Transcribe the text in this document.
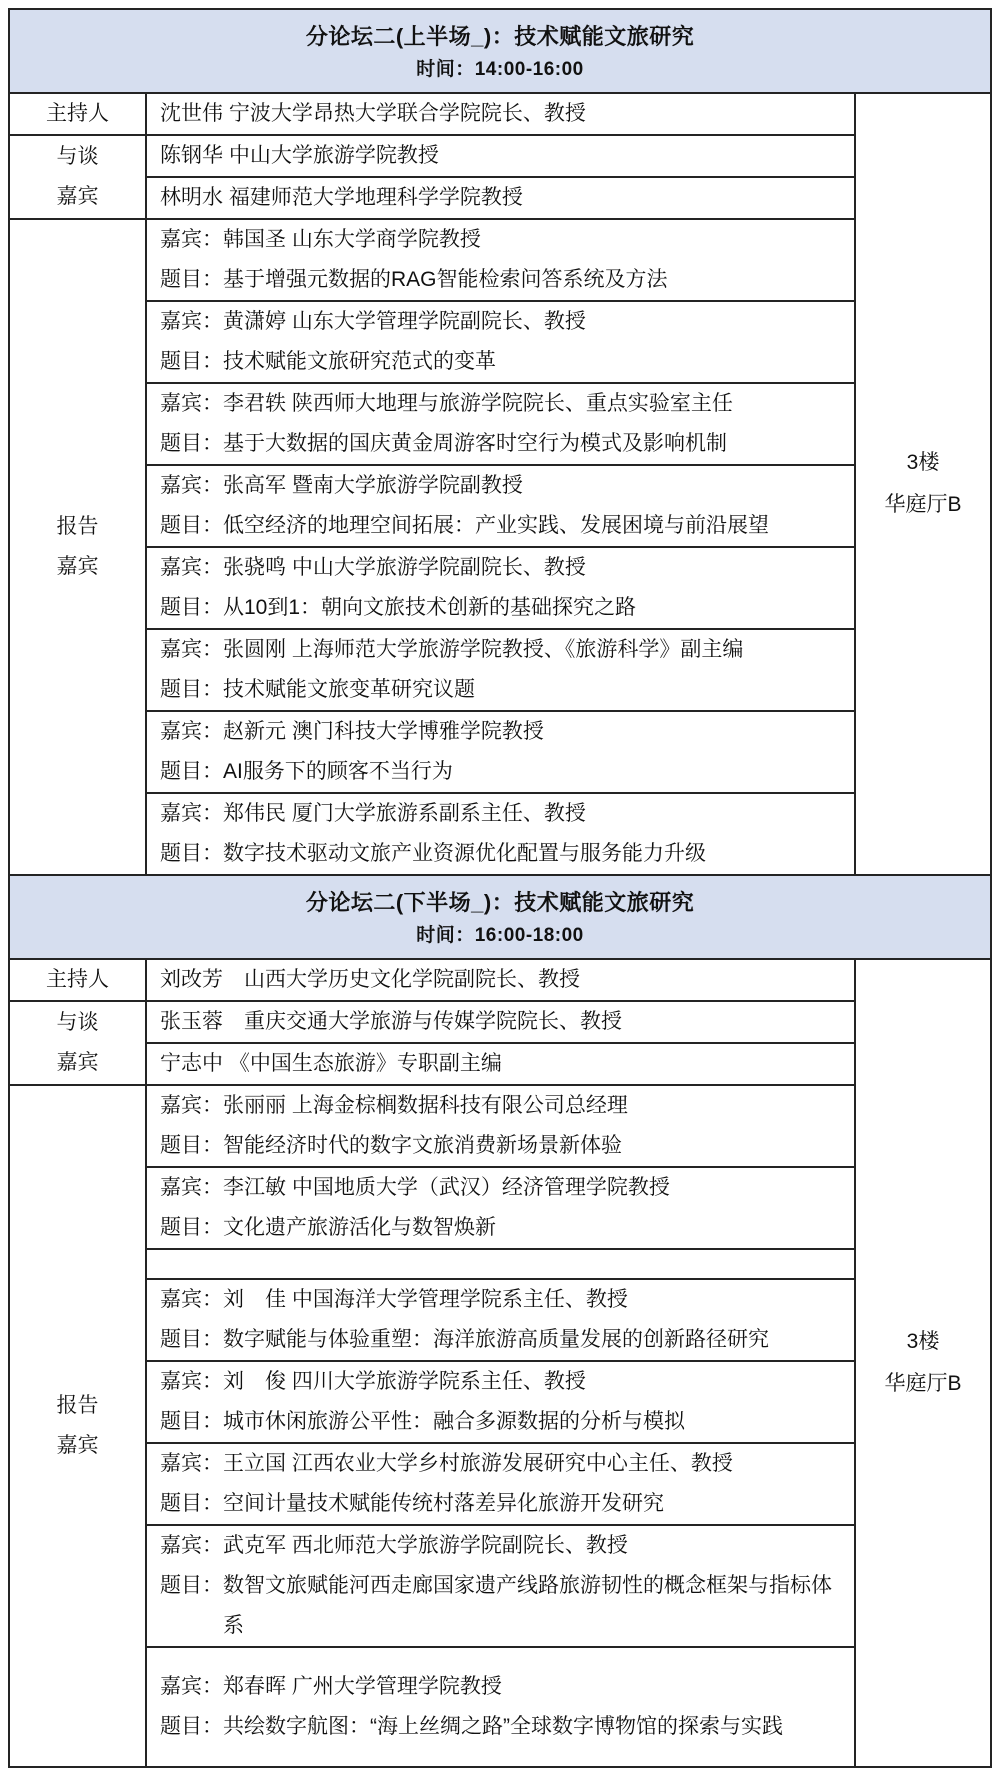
分论坛二(上半场_)：技术赋能文旅研究
时间：14:00-16:00		

主持人	沈世伟 宁波大学昂热大学联合学院院长、教授	3楼
华庭厅B

与谈
嘉宾	陈钢华 中山大学旅游学院教授	
	林明水 福建师范大学地理科学学院教授	

报告
嘉宾

嘉宾： 韩国圣 山东大学商学院教授
题目： 基于增强元数据的RAG智能检索问答系统及方法

	嘉宾： 黄潇婷 山东大学管理学院副院长、教授
题目： 技术赋能文旅研究范式的变革	

	嘉宾： 李君轶 陕西师大地理与旅游学院院长、重点实验室主任
题目： 基于大数据的国庆黄金周游客时空行为模式及影响机制	

	嘉宾： 张高军 暨南大学旅游学院副教授
题目： 低空经济的地理空间拓展：产业实践、发展困境与前沿展望	

	嘉宾： 张骁鸣 中山大学旅游学院副院长、教授
题目： 从10到1：朝向文旅技术创新的基础探究之路	

	嘉宾： 张圆刚 上海师范大学旅游学院教授、《旅游科学》副主编
题目： 技术赋能文旅变革研究议题	

	嘉宾： 赵新元 澳门科技大学博雅学院教授
题目： AI服务下的顾客不当行为	

	嘉宾： 郑伟民 厦门大学旅游系副系主任、教授
题目： 数字技术驱动文旅产业资源优化配置与服务能力升级	
分论坛二(下半场_)：技术赋能文旅研究
时间：16:00-18:00		

主持人	刘改芳　山西大学历史文化学院副院长、教授	3楼
华庭厅B

与谈
嘉宾	张玉蓉　重庆交通大学旅游与传媒学院院长、教授	
	宁志中 《中国生态旅游》专职副主编	

报告
嘉宾

嘉宾： 张丽丽 上海金棕榈数据科技有限公司总经理
题目： 智能经济时代的数字文旅消费新场景新体验

	嘉宾： 李江敏 中国地质大学（武汉）经济管理学院教授
题目： 文化遗产旅游活化与数智焕新	

	嘉宾： 刘　佳 中国海洋大学管理学院系主任、教授
题目： 数字赋能与体验重塑：海洋旅游高质量发展的创新路径研究	

	嘉宾： 刘　俊 四川大学旅游学院系主任、教授
题目： 城市休闲旅游公平性：融合多源数据的分析与模拟	

	嘉宾： 王立国 江西农业大学乡村旅游发展研究中心主任、教授
题目： 空间计量技术赋能传统村落差异化旅游开发研究	

	嘉宾： 武克军 西北师范大学旅游学院副院长、教授
题目： 数智文旅赋能河西走廊国家遗产线路旅游韧性的概念框架与指标体系	

	嘉宾： 郑春晖 广州大学管理学院教授
题目： 共绘数字航图：“海上丝绸之路”全球数字博物馆的探索与实践	
